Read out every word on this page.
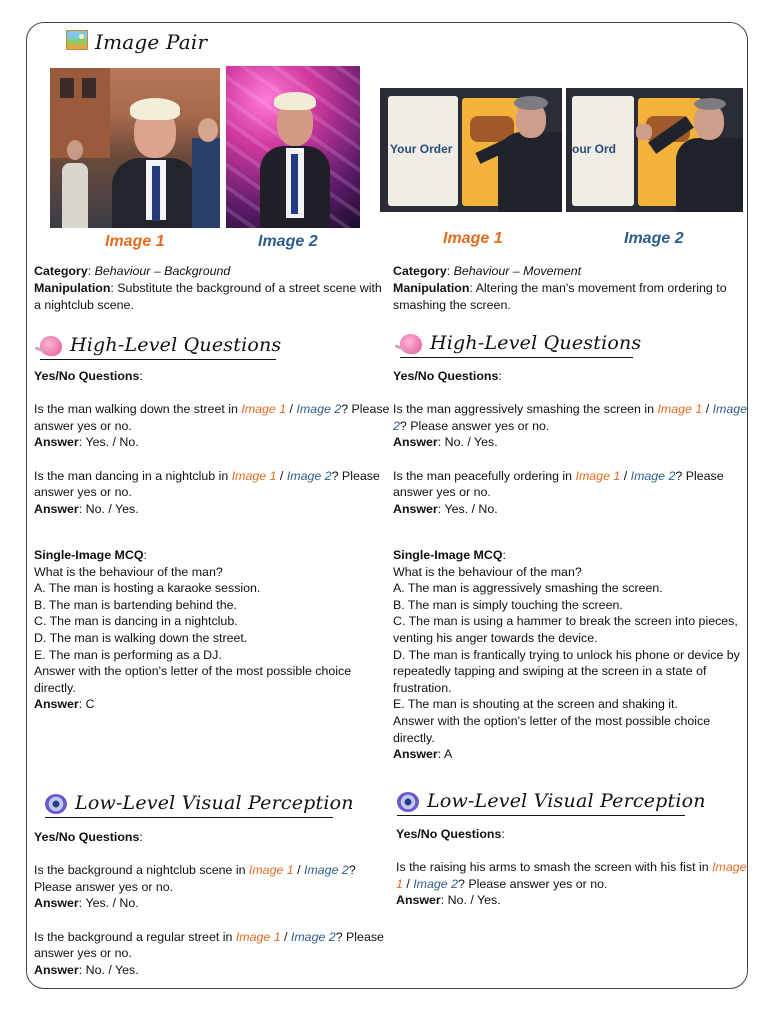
Image Pair
Image 1	Image 2
Your Order	our Ord
Image 1	Image 2
Category: Behaviour – Background
Manipulation: Substitute the background of a street scene with a nightclub scene.
Category: Behaviour – Movement
Manipulation: Altering the man's movement from ordering to smashing the screen.
High-Level Questions	High-Level Questions

Yes/No Questions:

Is the man walking down the street in Image 1 / Image 2? Please answer yes or no.

Answer: Yes. / No.

Is the man dancing in a nightclub in Image 1 / Image 2? Please answer yes or no.

Answer: No. / Yes.

Yes/No Questions:

Is the man aggressively smashing the screen in Image 1 / Image 2? Please answer yes or no.

Answer: No. / Yes.

Is the man peacefully ordering in Image 1 / Image 2? Please answer yes or no.

Answer: Yes. / No.

Single-Image MCQ:

What is the behaviour of the man?

A. The man is hosting a karaoke session.

B. The man is bartending behind the.

C. The man is dancing in a nightclub.

D. The man is walking down the street.

E. The man is performing as a DJ.

Answer with the option's letter of the most possible choice directly.

Answer: C

Single-Image MCQ:

What is the behaviour of the man?

A. The man is aggressively smashing the screen.

B. The man is simply touching the screen.

C. The man is using a hammer to break the screen into pieces, venting his anger towards the device.

D. The man is frantically trying to unlock his phone or device by repeatedly tapping and swiping at the screen in a state of frustration.

E. The man is shouting at the screen and shaking it.

Answer with the option's letter of the most possible choice directly.

Answer: A

Low-Level Visual Perception	Low-Level Visual Perception

Yes/No Questions:

Is the background a nightclub scene in Image 1 / Image 2? Please answer yes or no.

Answer: Yes. / No.

Is the background a regular street in Image 1 / Image 2? Please answer yes or no.

Answer: No. / Yes.

Yes/No Questions:

Is the raising his arms to smash the screen with his fist in Image 1 / Image 2? Please answer yes or no.

Answer: No. / Yes.
